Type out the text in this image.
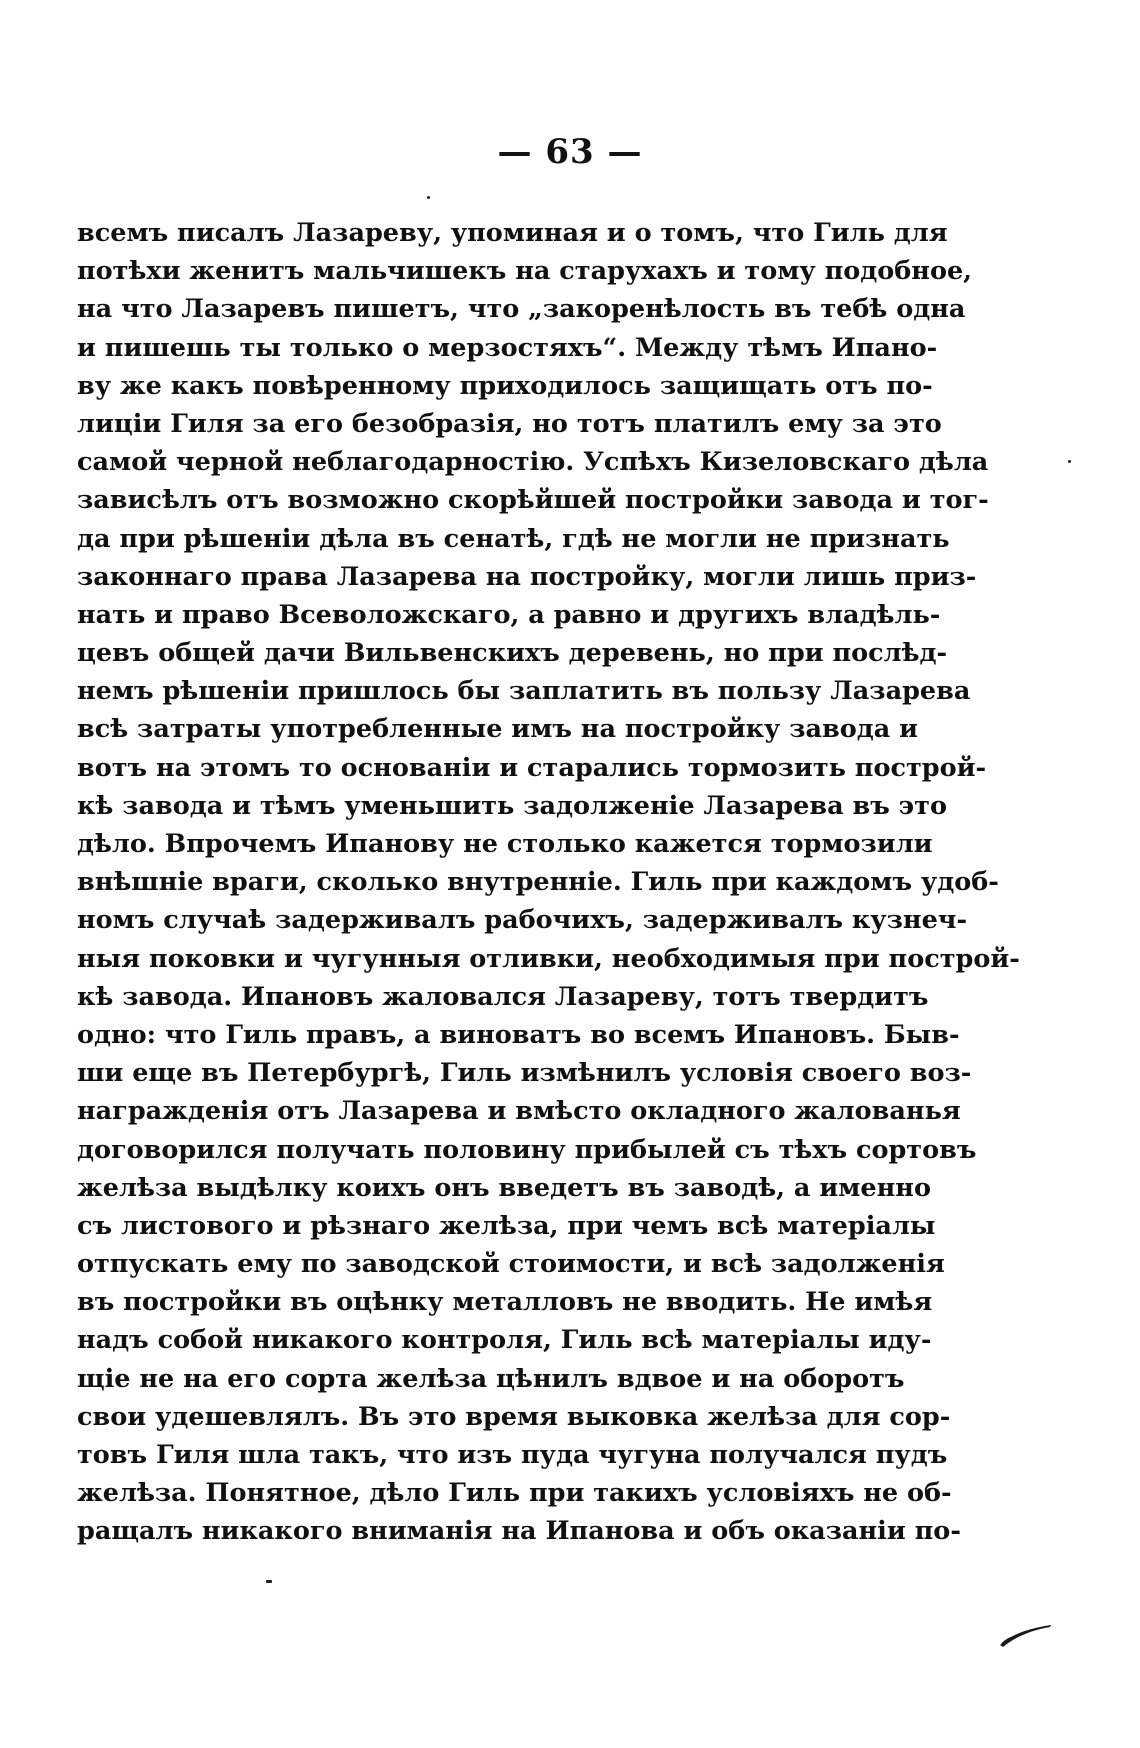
— 63 —
всемъ писалъ Лазареву, упоминая и о томъ, что Гиль для
потѣхи женитъ мальчишекъ на старухахъ и тому подобное,
на что Лазаревъ пишетъ, что „закоренѣлость въ тебѣ одна
и пишешь ты только о мерзостяхъ“. Между тѣмъ Ипано-
ву же какъ повѣренному приходилось защищать отъ по-
лиціи Гиля за его безобразія, но тотъ платилъ ему за это
самой черной неблагодарностію. Успѣхъ Кизеловскаго дѣла
зависѣлъ отъ возможно скорѣйшей постройки завода и тог-
да при рѣшеніи дѣла въ сенатѣ, гдѣ не могли не признать
законнаго права Лазарева на постройку, могли лишь приз-
нать и право Всеволожскаго, а равно и другихъ владѣль-
цевъ общей дачи Вильвенскихъ деревень, но при послѣд-
немъ рѣшеніи пришлось бы заплатить въ пользу Лазарева
всѣ затраты употребленные имъ на постройку завода и
вотъ на этомъ то основаніи и старались тормозить построй-
кѣ завода и тѣмъ уменьшить задолженіе Лазарева въ это
дѣло. Впрочемъ Ипанову не столько кажется тормозили
внѣшніе враги, сколько внутренніе. Гиль при каждомъ удоб-
номъ случаѣ задерживалъ рабочихъ, задерживалъ кузнеч-
ныя поковки и чугунныя отливки, необходимыя при построй-
кѣ завода. Ипановъ жаловался Лазареву, тотъ твердитъ
одно: что Гиль правъ, а виноватъ во всемъ Ипановъ. Быв-
ши еще въ Петербургѣ, Гиль измѣнилъ условія своего воз-
награжденія отъ Лазарева и вмѣсто окладного жалованья
договорился получать половину прибылей съ тѣхъ сортовъ
желѣза выдѣлку коихъ онъ введетъ въ заводѣ, а именно
съ листового и рѣзнаго желѣза, при чемъ всѣ матеріалы
отпускать ему по заводской стоимости, и всѣ задолженія
въ постройки въ оцѣнку металловъ не вводить. Не имѣя
надъ собой никакого контроля, Гиль всѣ матеріалы иду-
щіе не на его сорта желѣза цѣнилъ вдвое и на оборотъ
свои удешевлялъ. Въ это время выковка желѣза для сор-
товъ Гиля шла такъ, что изъ пуда чугуна получался пудъ
желѣза. Понятное, дѣло Гиль при такихъ условіяхъ не об-
ращалъ никакого вниманія на Ипанова и объ оказаніи по-
